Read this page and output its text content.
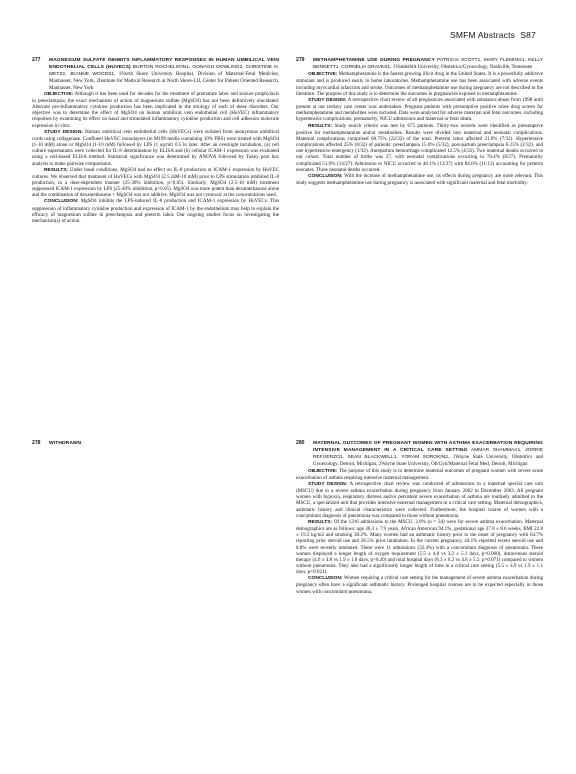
SMFM Abstracts S87
277	MAGNESIUM SULFATE INHIBITS INFLAMMATORY RESPONSES IN HUMAN UMBILICAL VEIN ENDOTHELIAL CELLS (HUVECS) BURTON ROCHELSON1, OONAGH DOWLING2, CHRISTINE N. METZ2, JEANNE WOODS1, 1North Shore University Hospital, Division of Maternal-Fetal Medicine, Manhasset, New York, 2Institute for Medical Research at North Shore-LIJ, Center for Patient Oriented Research, Manhasset, New York
OBJECTIVE: Although it has been used for decades for the treatment of premature labor and seizure prophylaxis in preeclampsia, the exact mechanism of action of magnesium sulfate (MgSO4) has not been definitively elucidated. Aberrant pro-inflammatory cytokine production has been implicated in the etiology of each of these disorders. Our objective was to determine the effect of MgSO4 on human umbilical vein endothelial cell (HuVEC) inflammatory responses by examining its effect on basal and stimulated inflammatory cytokine production and cell adhesion molecule expression in vitro.
STUDY DESIGN: Human umbilical vein endothelial cells (HuVECs) were isolated from anonymous umbilical cords using collagenase. Confluent HuVEC monolayers (in M199 media containing 10% FBS) were treated with MgSO4 (1-10 mM) alone or MgSO4 (1-10 mM) followed by LPS (1 ug/ml) 0.5 hr later. After an overnight incubation, (a) cell culture supernatants were collected for IL-8 determination by ELISA and (b) cellular ICAM-1 expression was evaluated using a cell-based ELISA method. Statistical significance was determined by ANOVA followed by Tukey post hoc analysis to make pairwise comparisons.
RESULTS: Under basal conditions, MgSO4 had no effect on IL-8 production or ICAM-1 expression by HuVEC cultures. We observed that treatment of HuVECs with MgSO4 (2.5 mM-10 mM) prior to LPS stimulation inhibited IL-8 production, in a dose-dependent manner (25-30% inhibition, p<0.05). Similarly, MgSO4 (2.5-10 mM) treatment suppressed ICAM-1 expression by LPS (25-40% inhibition, p<0.05). MgSO4 was more potent than dexamethasone alone and the combination of dexamethasone + MgSO4 was not additive. MgSO4 was not cytotoxic at the concentrations used.
CONCLUSION: MgSO4 inhibits the LPS-induced IL-8 production and ICAM-1 expression by HuVECs. This suppression of inflammatory cytokine production and expression of ICAM-1 by the endothelium may help to explain the efficacy of magnesium sulfate in preeclampsia and preterm labor. Our ongoing studies focus on investigating the mechanism(s) of action.
278	WITHDRAWN
279	METHAMPHETAMINE USE DURING PREGNANCY PATRICIA SCOTT1, MARY FLEMING1, KELLY BENNETT1, CORNELIA GRAVES1, 1Vanderbilt University, Obstetrics/Gynecology, Nashville, Tennessee
OBJECTIVE: Methamphetamine is the fastest growing illicit drug in the United States. It is a powerfully addictive stimulant and is produced easily in home laboratories. Methamphetamine use has been associated with adverse events including myocardial infarction and stroke. Outcomes of methamphetamine use during pregnancy are not described in the literature. The purpose of this study is to determine the outcomes in pregnancies exposed to metamphetamine.
STUDY DESIGN: A retrospective chart review of all pregnancies associated with substance abuse from 1998 until present at our tertiary care center was undertaken. Pregnant patients with presumptive positive urine drug screen for methamphetamine and metabolites were included. Data were analyzed for adverse maternal and fetal outcomes, including hypertensive complications, prematurity, NICU admissions and maternal or fetal death.
RESULTS: Study search criteria was met by 675 patients. Thirty-two records were identified as presumptive positive for methamphetamine and/or metabolites. Results were divided into maternal and neonatal complications. Maternal complications comprised 68.75% (22/32) of the total. Preterm labor affected 21.9% (7/32). Hypertensive complications affected 25% (8/32) of patients: preeclampsia 15.6% (5/32), post-partum preeclampsia 6.25% (2/32), and one hypertensive emergency (1/32). Antepartum hemorrhage complicated 12.5% (4/32). Two maternal deaths occurred in our cohort. Total number of births was 27, with neonatal complications occurring in 70.4% (8/27). Prematurity complicated 51.9% (14/27). Admission to NICU occurred in 48.1% (13/37) with 84.6% (11/13) accounting for preterm neonates. Three neonatal deaths occurred.
CONCLUSION: With the increase of methamphetamine use, its effects during pregnancy are more relevant. This study suggests methamphetamine use during pregnancy is associated with significant maternal and fetal morbidity.
280	MATERNAL OUTCOMES OF PREGNANT WOMEN WITH ASTHMA EXACERBATION REQUIRING INTENSIVE MANAGEMENT IN A CRITICAL CARE SETTING AMMAR SHAMMAA1, JORRIE REFUERZO1, SEAN BLACKWELL1, YORAM SOROKIN2, 1Wayne State University, Obstetrics and Gynecology, Detroit, Michigan, 2Wayne State University, Ob/Gyn/Maternal Fetal Med, Detroit, Michigan
OBJECTIVE: The purpose of this study is to determine maternal outcomes of pregnant women with severe acute exacerbation of asthma requiring intensive maternal management.
STUDY DESIGN: A retrospective chart review was conducted of admissions to a maternal special care unit (MSCU) due to a severe asthma exacerbation during pregnancy from January 2002 to December 2003. All pregnant women with hypoxia, respiratory distress and/or persistent severe exacerbation of asthma are routinely admitted to the MSCU, a specialized unit that provides intensive maternal management in a critical care setting. Maternal demographics, asthmatic history and clinical characteristics were collected. Furthermore, the hospital course of women with a concomitant diagnosis of pneumonia was compared to those without pneumonia.
RESULTS: Of the 1216 admissions to the MSCU, 2.8% (n = 34) were for severe asthma exacerbation. Maternal demographics are as follows: age 30.3 ± 7.9 years, African American 94.1%, gestational age 27.8 ± 8.6 weeks, BMI 22.8 ± 19.3 kg/m2 and smoking 38.2%. Many women had an asthmatic history prior to the onset of pregnancy with 64.7% reporting prior steroid use and 26.5% prior intubation. In the current pregnancy, 44.1% reported recent steroid use and 8.8% were recently intubated. There were 11 admissions (32.4%) with a concomitant diagnosis of pneumonia. These women displayed a longer length of oxygen requirement (5.5 ± 4.8 vs 3.2 ± 5.1 days, p=0.060), intravenous steroid therapy (4.6 ± 4.8 vs 1.9 ± 1.8 days, p=0.20) and total hospital days (8.3 ± 6.2 vs 4.8 ± 5.2, p=0.071) compared to women without pneumonia. They also had a significantly longer length of time in a critical care setting (5.5 ± 4.9 vs 1.9 ± 1.1 days, p=0.021).
CONCLUSION: Women requiring a critical care setting for the management of severe asthma exacerbation during pregnancy often have a significant asthmatic history. Prolonged hospital courses are to be expected especially in those women with concomitant pneumonia.
